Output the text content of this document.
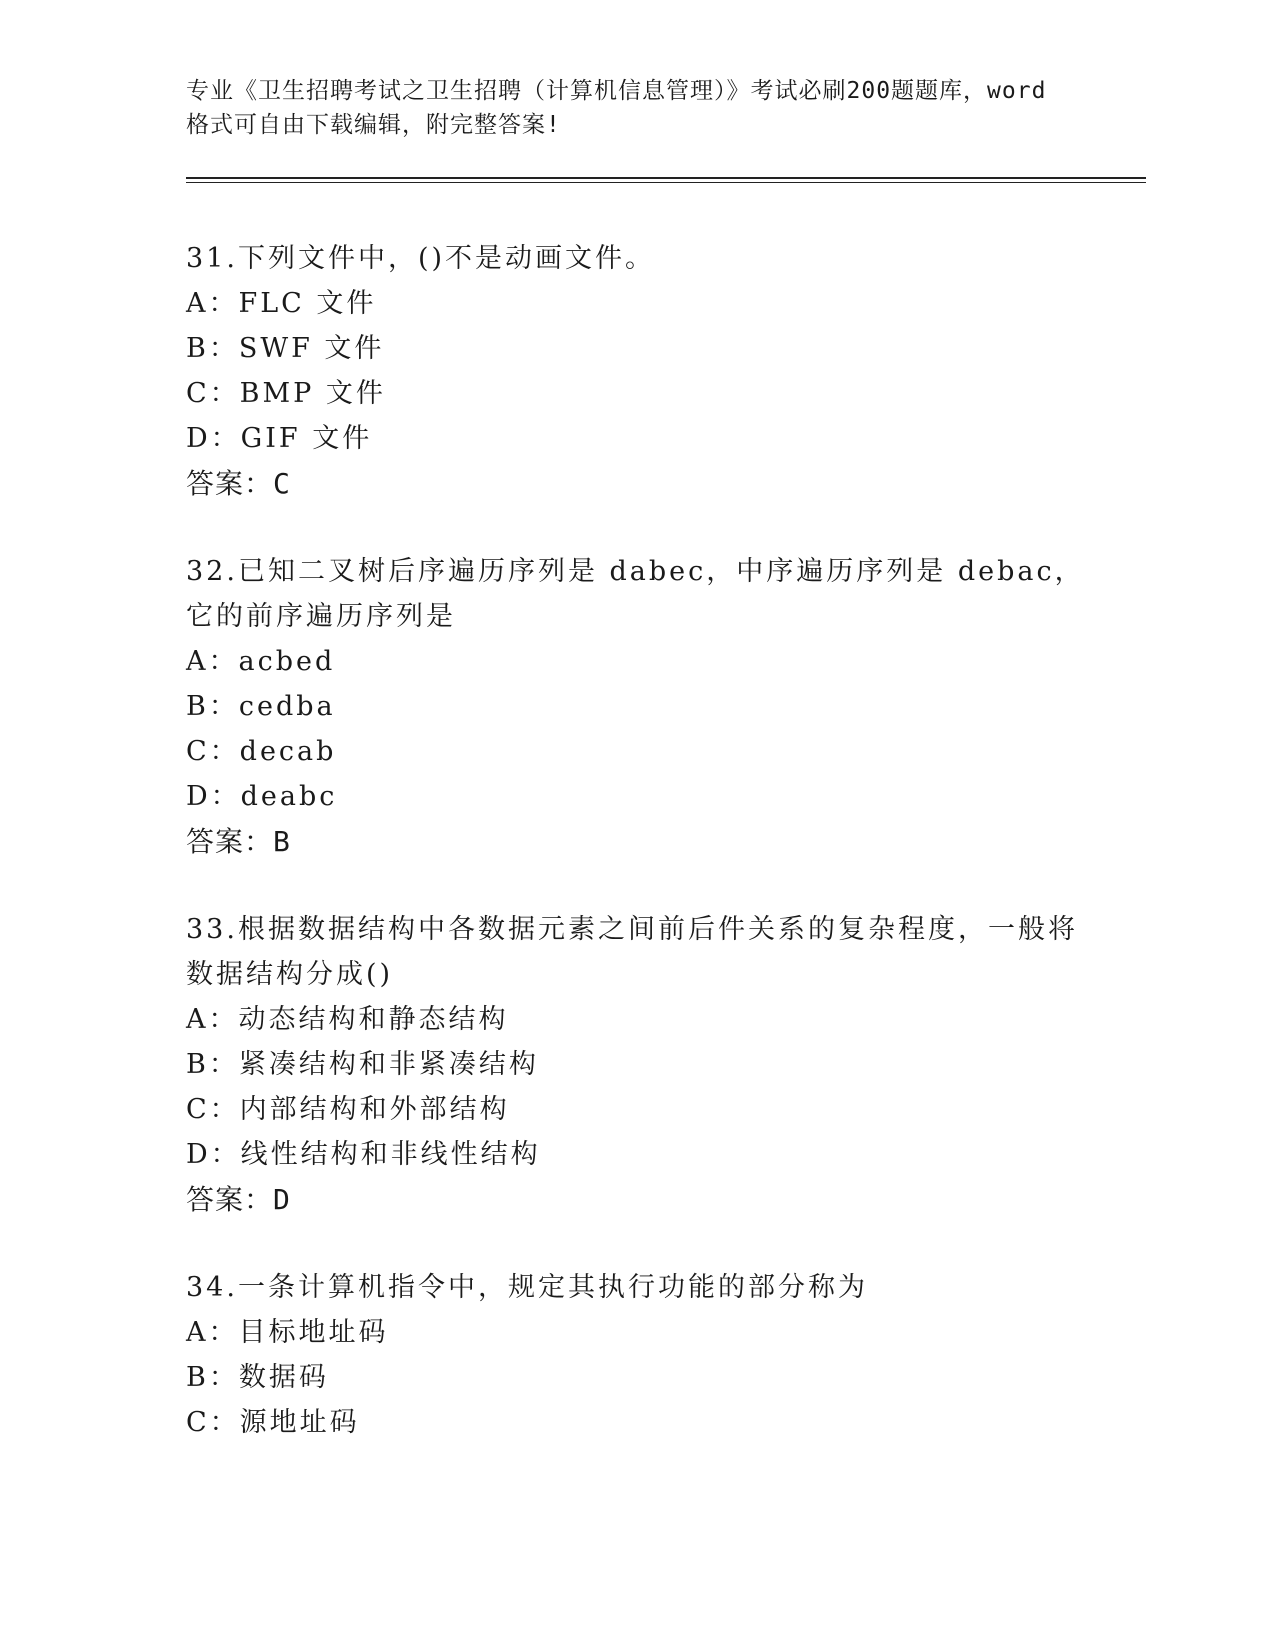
专业《卫生招聘考试之卫生招聘（计算机信息管理）》考试必刷200题题库，word
格式可自由下载编辑，附完整答案!
31.下列文件中，()不是动画文件。
A：FLC 文件
B：SWF 文件
C：BMP 文件
D：GIF 文件
答案：C
32.已知二叉树后序遍历序列是 dabec，中序遍历序列是 debac，它的前序遍历序列是
A：acbed
B：cedba
C：decab
D：deabc
答案：B
33.根据数据结构中各数据元素之间前后件关系的复杂程度，一般将数据结构分成()
A：动态结构和静态结构
B：紧凑结构和非紧凑结构
C：内部结构和外部结构
D：线性结构和非线性结构
答案：D
34.一条计算机指令中，规定其执行功能的部分称为
A：目标地址码
B：数据码
C：源地址码
